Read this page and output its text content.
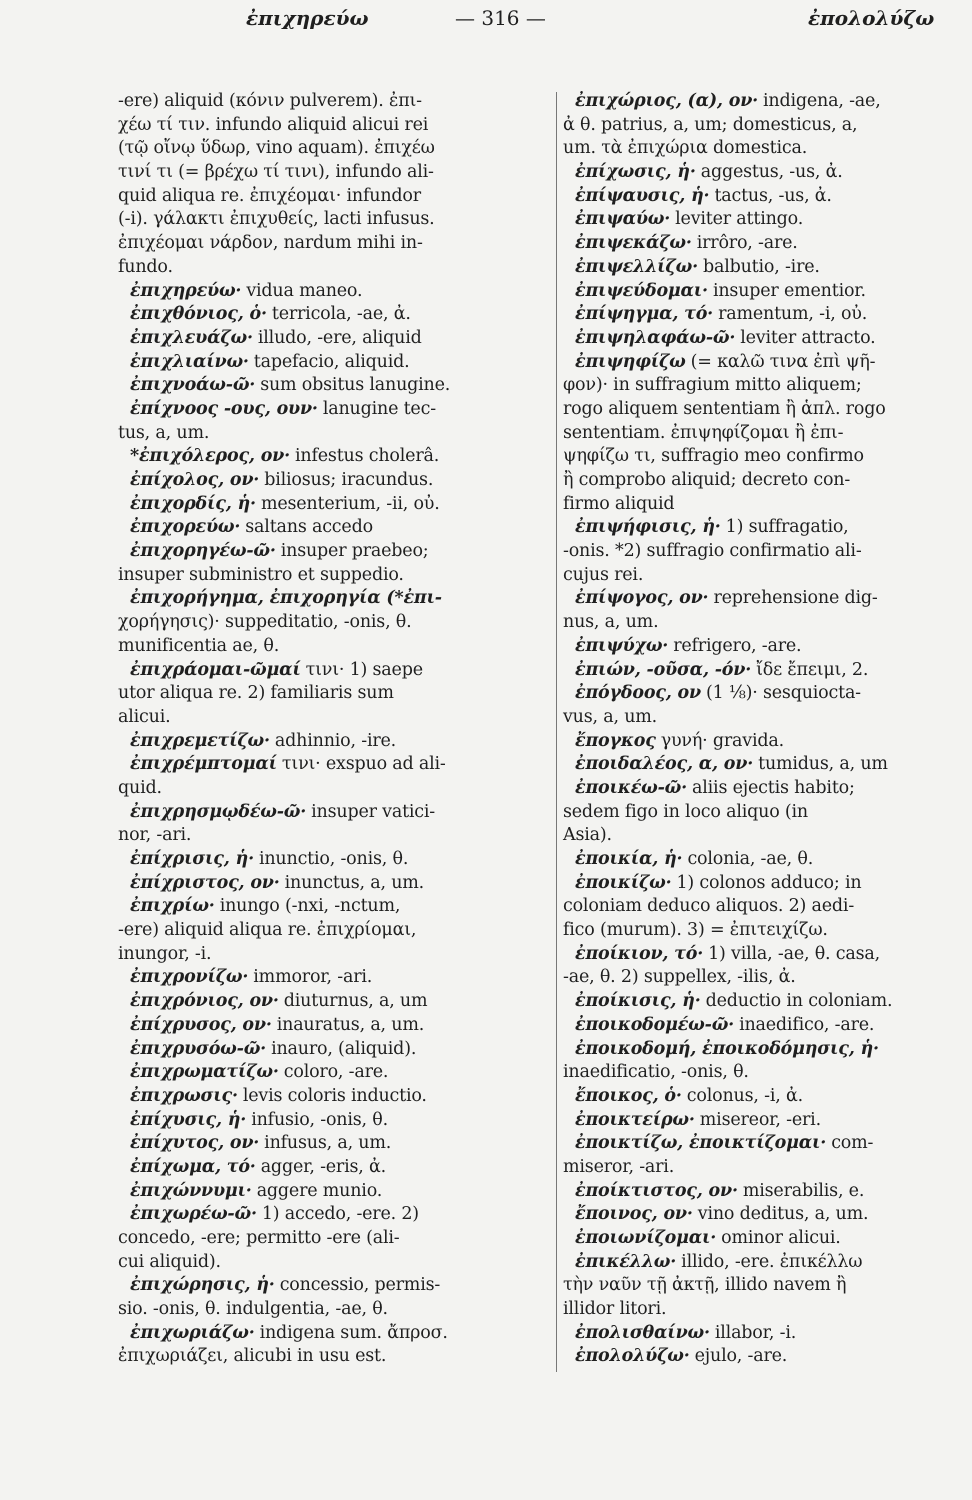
ἐπιχηρεύω	— 316 —	ἐπολολύζω
-ere) aliquid (κόνιν pulverem). ἐπι-
χέω τί τιν. infundo aliquid alicui rei
(τῷ οἴνῳ ὕδωρ, vino aquam). ἐπιχέω
τινί τι (= βρέχω τί τινι), infundo ali-
quid aliqua re. ἐπιχέομαι· infundor
(-i). γάλακτι ἐπιχυθείς, lacti infusus.
ἐπιχέομαι νάρδον, nardum mihi in-
fundo.
ἐπιχηρεύω· vidua maneo.
ἐπιχθόνιος, ὁ· terricola, -ae, ἀ.
ἐπιχλευάζω· illudo, -ere, aliquid
ἐπιχλιαίνω· tapefacio, aliquid.
ἐπιχνοάω-ῶ· sum obsitus lanugine.
ἐπίχνοος -ους, ουν· lanugine tec-
tus, a, um.
*ἐπιχόλερος, ον· infestus cholerâ.
ἐπίχολος, ον· biliosus; iracundus.
ἐπιχορδίς, ἡ· mesenterium, -ii, οὐ.
ἐπιχορεύω· saltans accedo
ἐπιχορηγέω-ῶ· insuper praebeo;
insuper subministro et suppedio.
ἐπιχορήγημα, ἐπιχορηγία (*ἐπι-
χορήγησις)· suppeditatio, -onis, θ.
munificentia ae, θ.
ἐπιχράομαι-ῶμαί τινι· 1) saepe
utor aliqua re. 2) familiaris sum
alicui.
ἐπιχρεμετίζω· adhinnio, -ire.
ἐπιχρέμπτομαί τινι· exspuo ad ali-
quid.
ἐπιχρησμῳδέω-ῶ· insuper vatici-
nor, -ari.
ἐπίχρισις, ἡ· inunctio, -onis, θ.
ἐπίχριστος, ον· inunctus, a, um.
ἐπιχρίω· inungo (-nxi, -nctum,
-ere) aliquid aliqua re. ἐπιχρίομαι,
inungor, -i.
ἐπιχρονίζω· immoror, -ari.
ἐπιχρόνιος, ον· diuturnus, a, um
ἐπίχρυσος, ον· inauratus, a, um.
ἐπιχρυσόω-ῶ· inauro, (aliquid).
ἐπιχρωματίζω· coloro, -are.
ἐπιχρωσις· levis coloris inductio.
ἐπίχυσις, ἡ· infusio, -onis, θ.
ἐπίχυτος, ον· infusus, a, um.
ἐπίχωμα, τό· agger, -eris, ἀ.
ἐπιχώννυμι· aggere munio.
ἐπιχωρέω-ῶ· 1) accedo, -ere. 2)
concedo, -ere; permitto -ere (ali-
cui aliquid).
ἐπιχώρησις, ἡ· concessio, permis-
sio. -onis, θ. indulgentia, -ae, θ.
ἐπιχωριάζω· indigena sum. ἄπροσ.
ἐπιχωριάζει, alicubi in usu est.
ἐπιχώριος, (α), ον· indigena, -ae,
ἀ θ. patrius, a, um; domesticus, a,
um. τὰ ἐπιχώρια domestica.
ἐπίχωσις, ἡ· aggestus, -us, ἀ.
ἐπίψαυσις, ἡ· tactus, -us, ἀ.
ἐπιψαύω· leviter attingo.
ἐπιψεκάζω· irrôro, -are.
ἐπιψελλίζω· balbutio, -ire.
ἐπιψεύδομαι· insuper ementior.
ἐπίψηγμα, τό· ramentum, -i, οὐ.
ἐπιψηλαφάω-ῶ· leviter attracto.
ἐπιψηφίζω (= καλῶ τινα ἐπὶ ψῆ-
φον)· in suffragium mitto aliquem;
rogo aliquem sententiam ἢ ἁπλ. rogo
sententiam. ἐπιψηφίζομαι ἢ ἐπι-
ψηφίζω τι, suffragio meo confirmo
ἢ comprobo aliquid; decreto con-
firmo aliquid
ἐπιψήφισις, ἡ· 1) suffragatio,
-onis. *2) suffragio confirmatio ali-
cujus rei.
ἐπίψογος, ον· reprehensione dig-
nus, a, um.
ἐπιψύχω· refrigero, -are.
ἐπιών, -οῦσα, -όν· ἴδε ἔπειμι, 2.
ἐπόγδοος, ον (1 ⅛)· sesquiocta-
vus, a, um.
ἔπογκος γυνή· gravida.
ἐποιδαλέος, α, ον· tumidus, a, um
ἐποικέω-ῶ· aliis ejectis habito;
sedem figo in loco aliquo (in
Asia).
ἐποικία, ἡ· colonia, -ae, θ.
ἐποικίζω· 1) colonos adduco; in
coloniam deduco aliquos. 2) aedi-
fico (murum). 3) = ἐπιτειχίζω.
ἐποίκιον, τό· 1) villa, -ae, θ. casa,
-ae, θ. 2) suppellex, -ilis, ἀ.
ἐποίκισις, ἡ· deductio in coloniam.
ἐποικοδομέω-ῶ· inaedifico, -are.
ἐποικοδομή, ἐποικοδόμησις, ἡ·
inaedificatio, -onis, θ.
ἔποικος, ὁ· colonus, -i, ἀ.
ἐποικτείρω· misereor, -eri.
ἐποικτίζω, ἐποικτίζομαι· com-
miseror, -ari.
ἐποίκτιστος, ον· miserabilis, e.
ἔποινος, ον· vino deditus, a, um.
ἐποιωνίζομαι· ominor alicui.
ἐπικέλλω· illido, -ere. ἐπικέλλω
τὴν ναῦν τῇ ἀκτῇ, illido navem ἢ
illidor litori.
ἐπολισθαίνω· illabor, -i.
ἐπολολύζω· ejulo, -are.
